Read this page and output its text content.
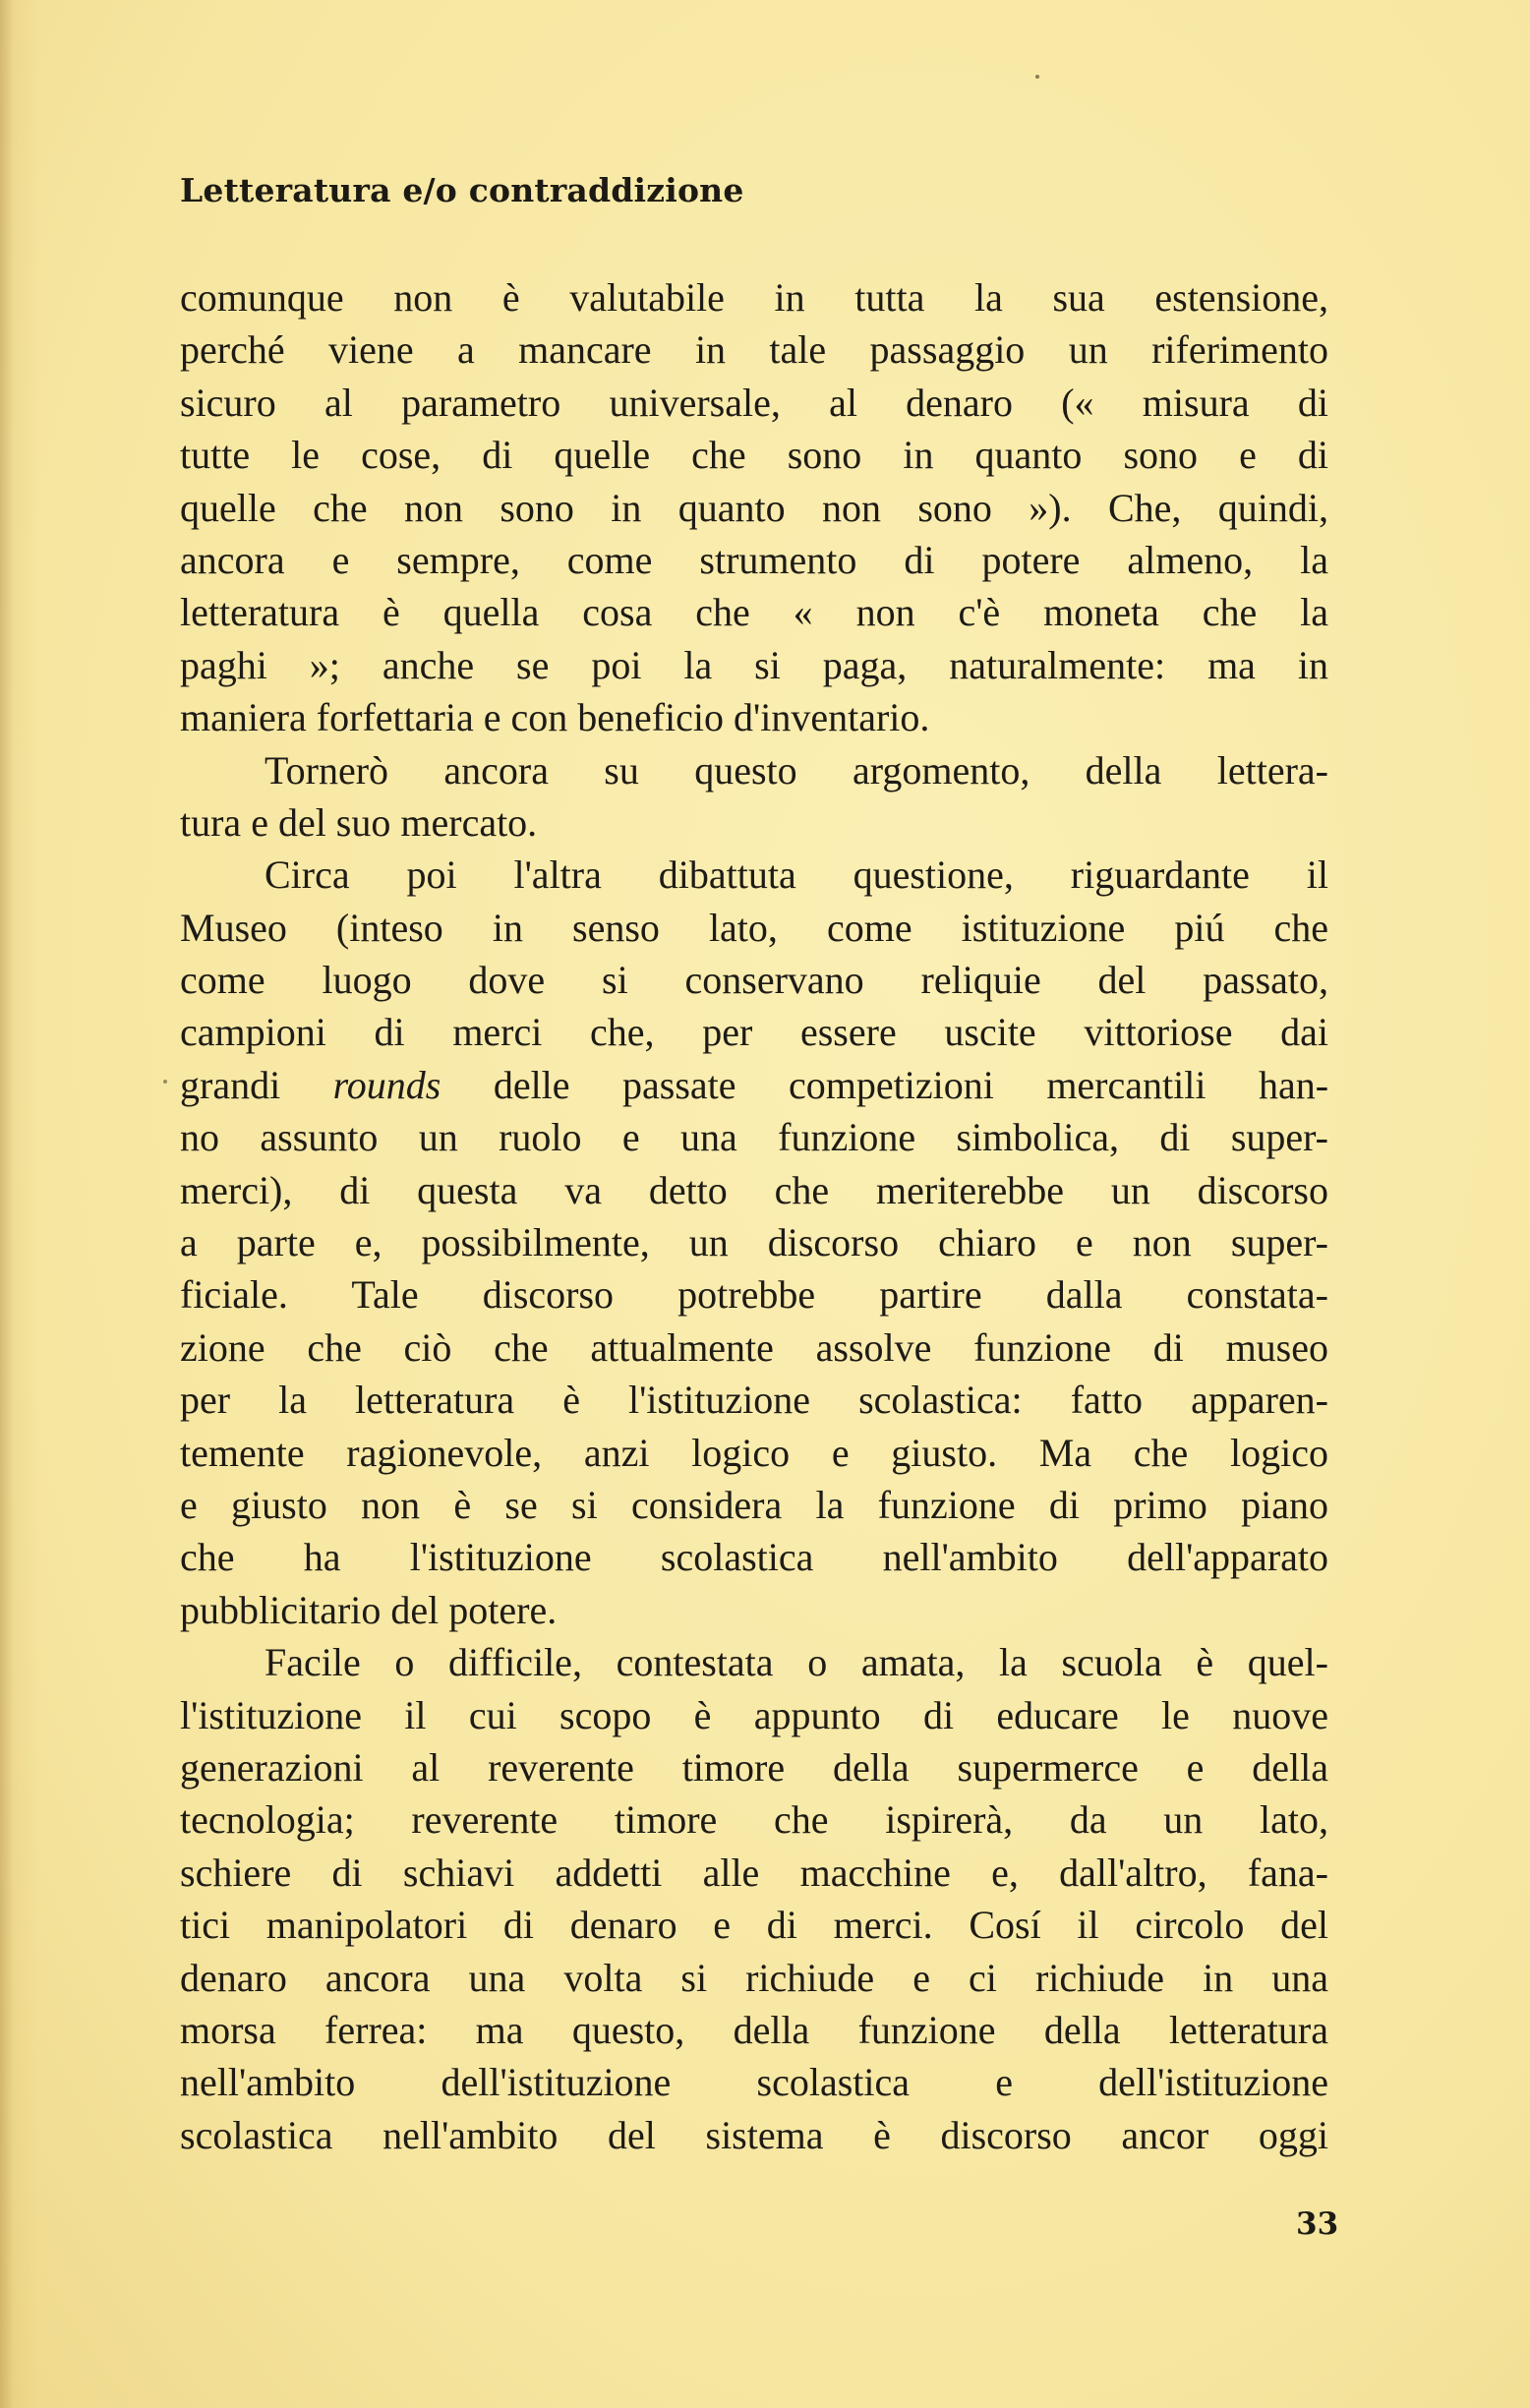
Letteratura e/o contraddizione
comunque non è valutabile in tutta la sua estensione,
perché viene a mancare in tale passaggio un riferimento
sicuro al parametro universale, al denaro (« misura di
tutte le cose, di quelle che sono in quanto sono e di
quelle che non sono in quanto non sono »). Che, quindi,
ancora e sempre, come strumento di potere almeno, la
letteratura è quella cosa che « non c'è moneta che la
paghi »; anche se poi la si paga, naturalmente: ma in
maniera forfettaria e con beneficio d'inventario.
Tornerò ancora su questo argomento, della lettera-
tura e del suo mercato.
Circa poi l'altra dibattuta questione, riguardante il
Museo (inteso in senso lato, come istituzione piú che
come luogo dove si conservano reliquie del passato,
campioni di merci che, per essere uscite vittoriose dai
grandi rounds delle passate competizioni mercantili han-
no assunto un ruolo e una funzione simbolica, di super-
merci), di questa va detto che meriterebbe un discorso
a parte e, possibilmente, un discorso chiaro e non super-
ficiale. Tale discorso potrebbe partire dalla constata-
zione che ciò che attualmente assolve funzione di museo
per la letteratura è l'istituzione scolastica: fatto apparen-
temente ragionevole, anzi logico e giusto. Ma che logico
e giusto non è se si considera la funzione di primo piano
che ha l'istituzione scolastica nell'ambito dell'apparato
pubblicitario del potere.
Facile o difficile, contestata o amata, la scuola è quel-
l'istituzione il cui scopo è appunto di educare le nuove
generazioni al reverente timore della supermerce e della
tecnologia; reverente timore che ispirerà, da un lato,
schiere di schiavi addetti alle macchine e, dall'altro, fana-
tici manipolatori di denaro e di merci. Cosí il circolo del
denaro ancora una volta si richiude e ci richiude in una
morsa ferrea: ma questo, della funzione della letteratura
nell'ambito dell'istituzione scolastica e dell'istituzione
scolastica nell'ambito del sistema è discorso ancor oggi
33
